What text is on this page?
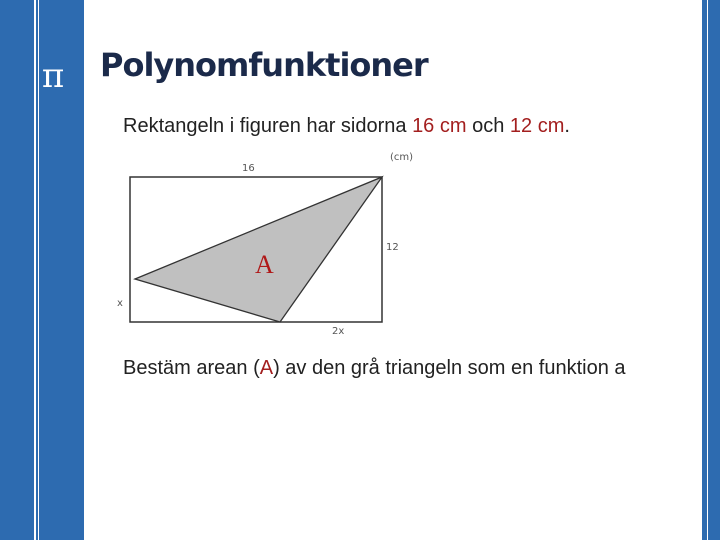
π Polynomfunktioner
Rektangeln i figuren har sidorna 16 cm och 12 cm.
16
(cm)
12
x
2x
A
Bestäm arean (A) av den grå triangeln som en funktion a
